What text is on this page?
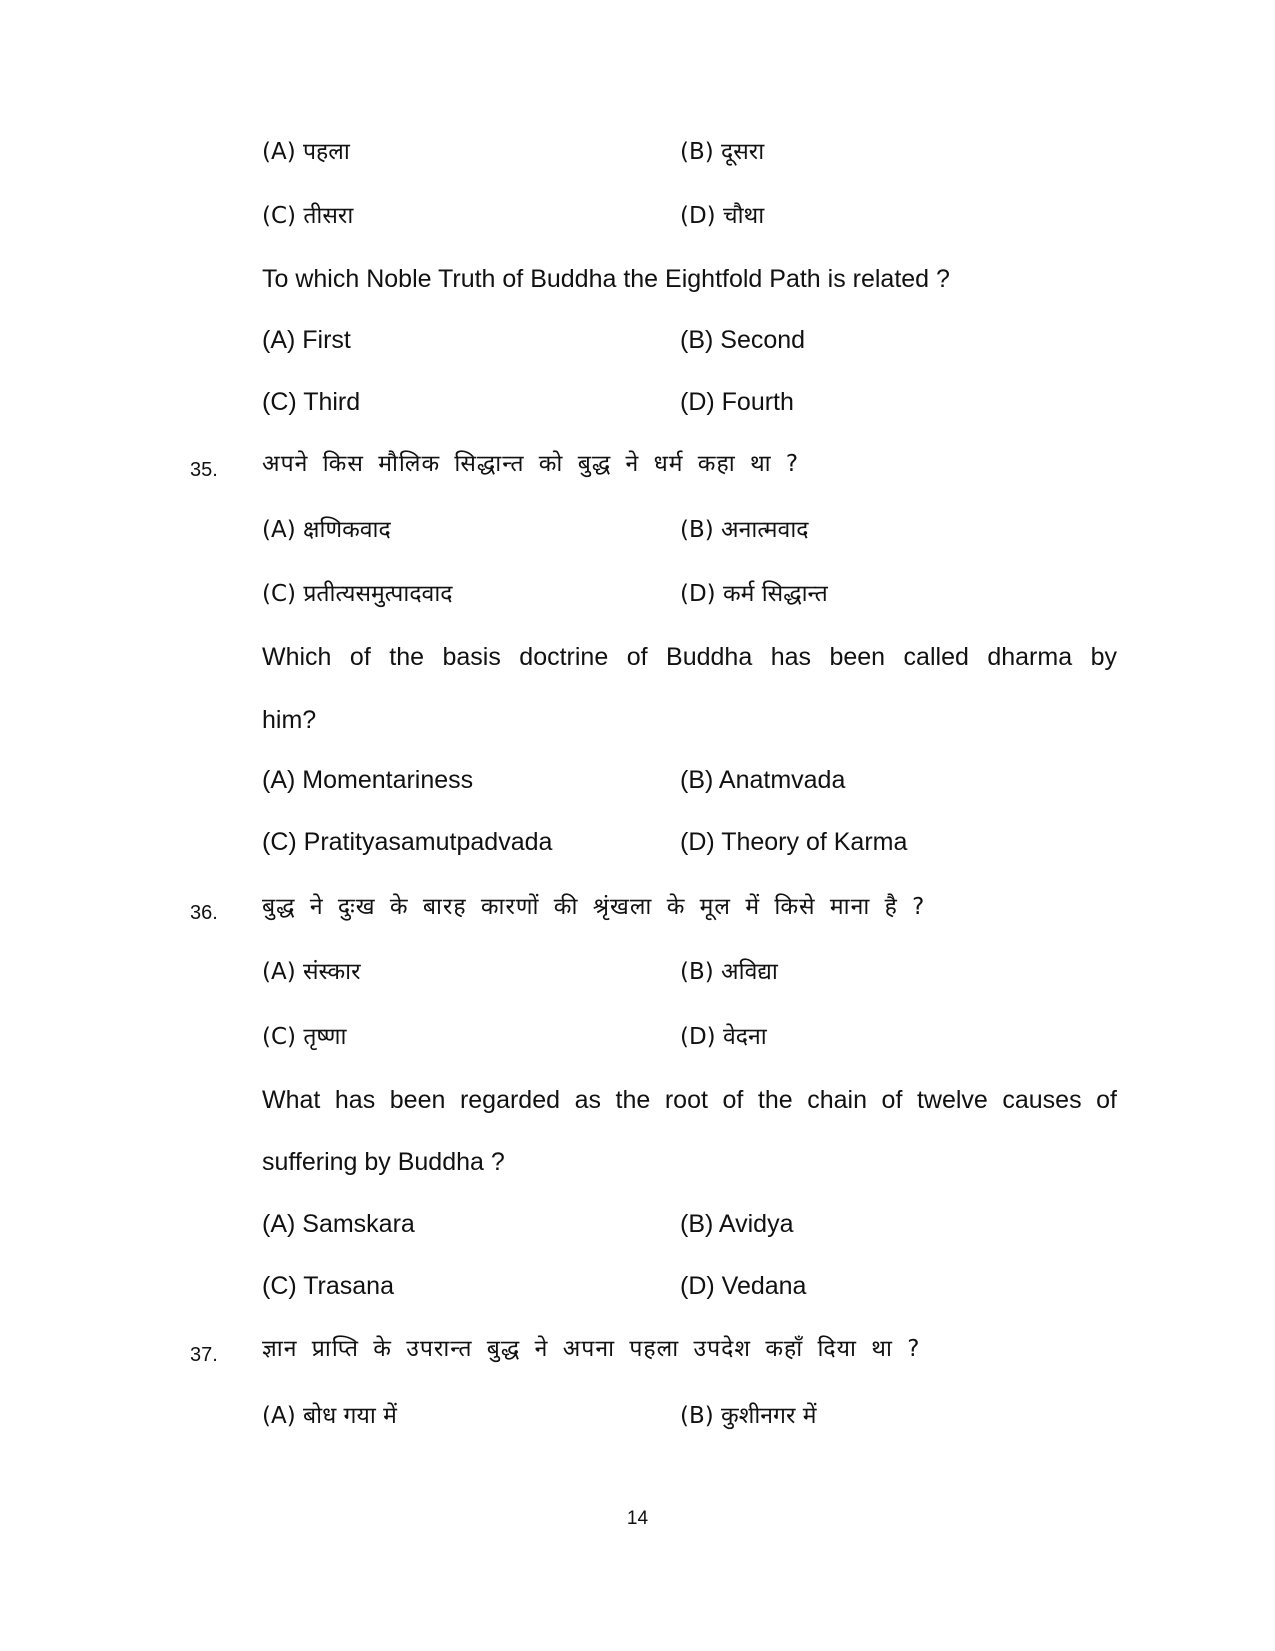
(A) पहला	(B) दूसरा
(C) तीसरा	(D) चौथा
To which Noble Truth of Buddha the Eightfold Path is related ?
(A) First	(B) Second
(C) Third	(D) Fourth
35. अपने किस मौलिक सिद्धान्त को बुद्ध ने धर्म कहा था ?
(A) क्षणिकवाद	(B) अनात्मवाद
(C) प्रतीत्यसमुत्पादवाद	(D) कर्म सिद्धान्त
Which of the basis doctrine of Buddha has been called dharma by
him?
(A) Momentariness	(B) Anatmvada
(C) Pratityasamutpadvada	(D) Theory of Karma
36. बुद्ध ने दुःख के बारह कारणों की श्रृंखला के मूल में किसे माना है ?
(A) संस्कार	(B) अविद्या
(C) तृष्णा	(D) वेदना
What has been regarded as the root of the chain of twelve causes of
suffering by Buddha ?
(A) Samskara	(B) Avidya
(C) Trasana	(D) Vedana
37. ज्ञान प्राप्ति के उपरान्त बुद्ध ने अपना पहला उपदेश कहाँ दिया था ?
(A) बोध गया में	(B) कुशीनगर में
14
